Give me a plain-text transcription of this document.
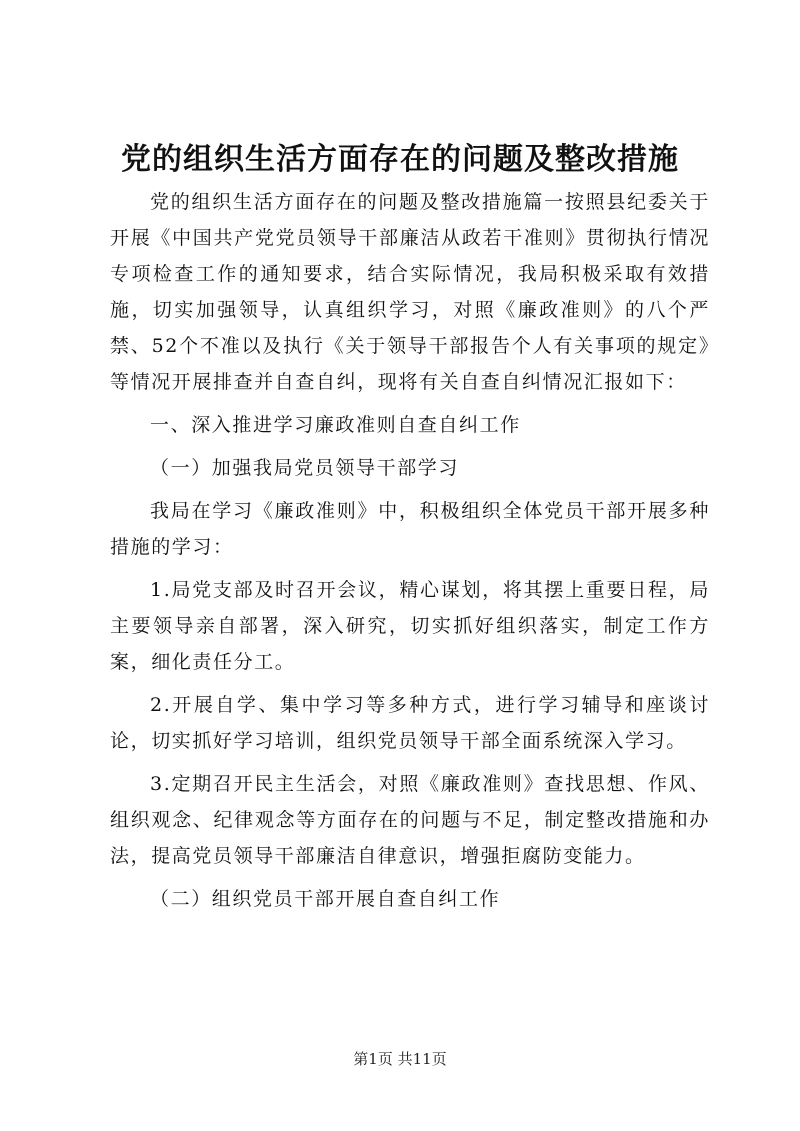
党的组织生活方面存在的问题及整改措施

党的组织生活方面存在的问题及整改措施篇一按照县纪委关于开展《中国共产党党员领导干部廉洁从政若干准则》贯彻执行情况专项检查工作的通知要求，结合实际情况，我局积极采取有效措施，切实加强领导，认真组织学习，对照《廉政准则》的八个严禁、52个不准以及执行《关于领导干部报告个人有关事项的规定》等情况开展排查并自查自纠，现将有关自查自纠情况汇报如下：

一、深入推进学习廉政准则自查自纠工作

（一）加强我局党员领导干部学习

我局在学习《廉政准则》中，积极组织全体党员干部开展多种措施的学习：

1.局党支部及时召开会议，精心谋划，将其摆上重要日程，局主要领导亲自部署，深入研究，切实抓好组织落实，制定工作方案，细化责任分工。

2.开展自学、集中学习等多种方式，进行学习辅导和座谈讨论，切实抓好学习培训，组织党员领导干部全面系统深入学习。

3.定期召开民主生活会，对照《廉政准则》查找思想、作风、组织观念、纪律观念等方面存在的问题与不足，制定整改措施和办法，提高党员领导干部廉洁自律意识，增强拒腐防变能力。

（二）组织党员干部开展自查自纠工作

第1页 共11页
